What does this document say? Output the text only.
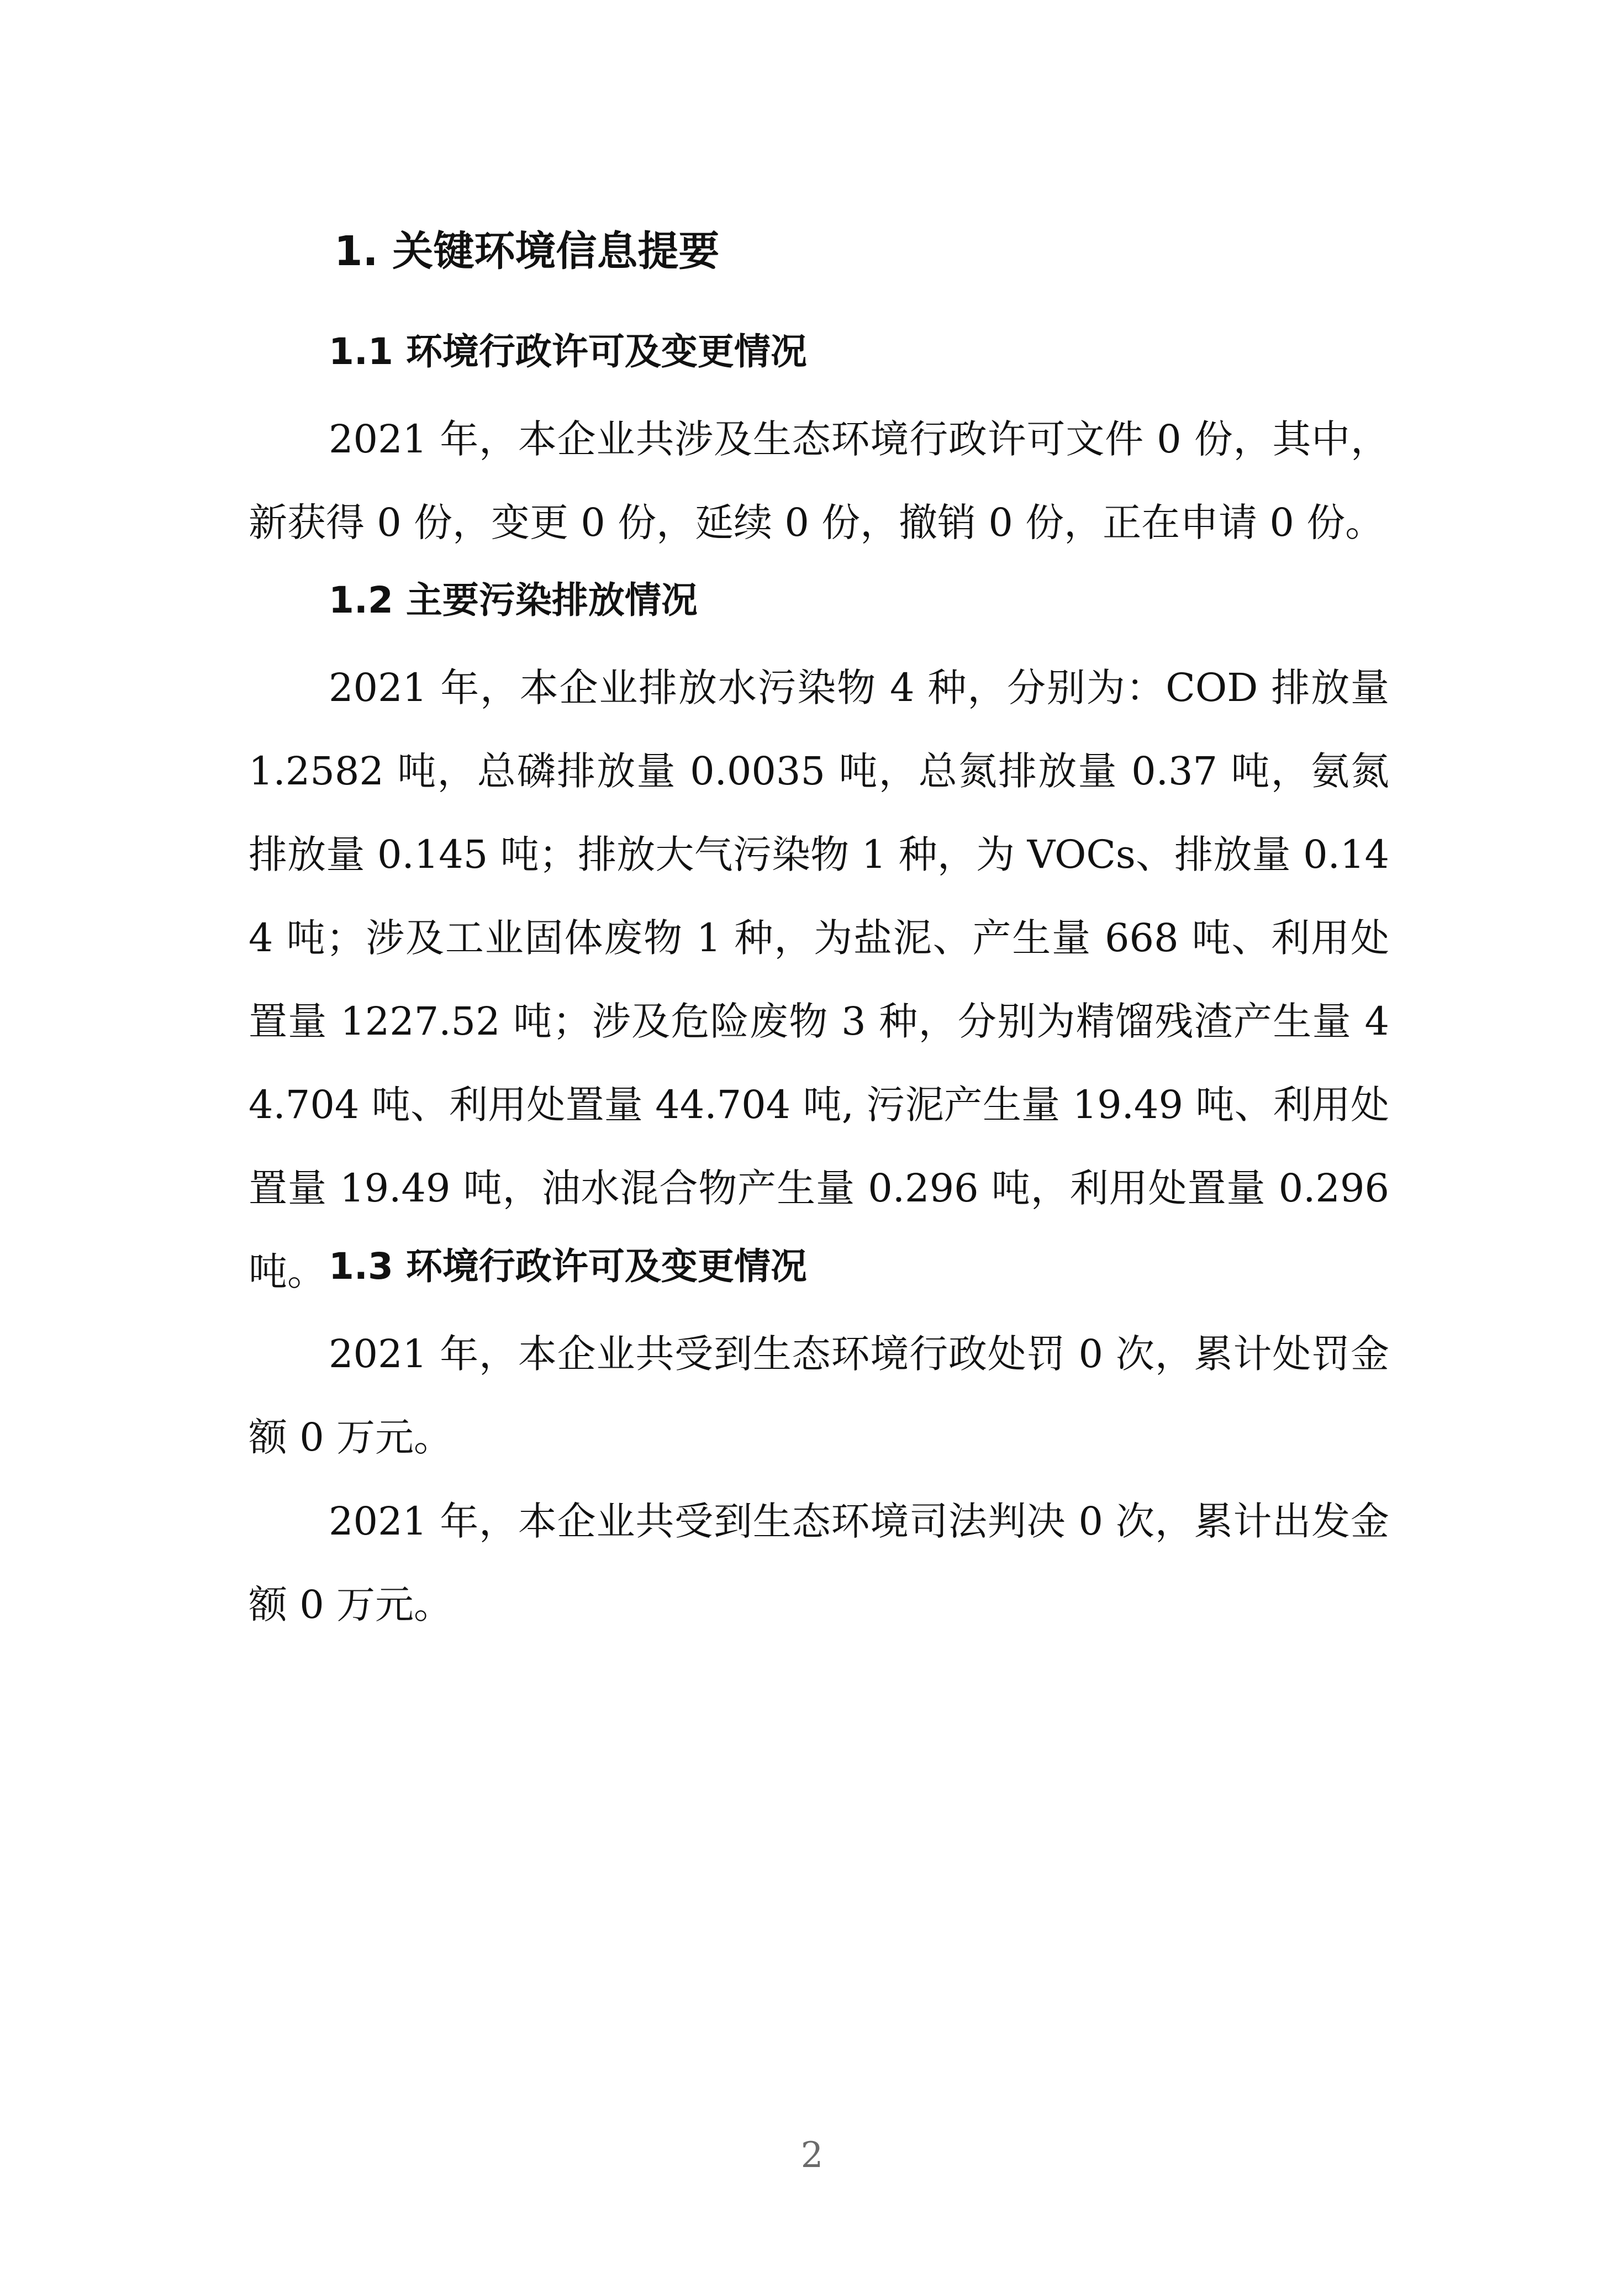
1. 关键环境信息提要
1.1 环境行政许可及变更情况

2021 年，本企业共涉及生态环境行政许可文件 0 份，其中，新获得 0 份，变更 0 份，延续 0 份，撤销 0 份，正在申请 0 份。

1.2 主要污染排放情况

2021 年，本企业排放水污染物 4 种，分别为：COD 排放量 1.2582 吨，总磷排放量 0.0035 吨，总氮排放量 0.37 吨，氨氮排放量 0.145 吨；排放大气污染物 1 种，为 VOCs、排放量 0.144 吨；涉及工业固体废物 1 种，为盐泥、产生量 668 吨、利用处置量 1227.52 吨；涉及危险废物 3 种，分别为精馏残渣产生量 44.704 吨、利用处置量 44.704 吨, 污泥产生量 19.49 吨、利用处置量 19.49 吨，油水混合物产生量 0.296 吨，利用处置量 0.296 吨。 1.3 环境行政许可及变更情况

2021 年，本企业共受到生态环境行政处罚 0 次，累计处罚金额 0 万元。

2021 年，本企业共受到生态环境司法判决 0 次，累计出发金额 0 万元。

2
